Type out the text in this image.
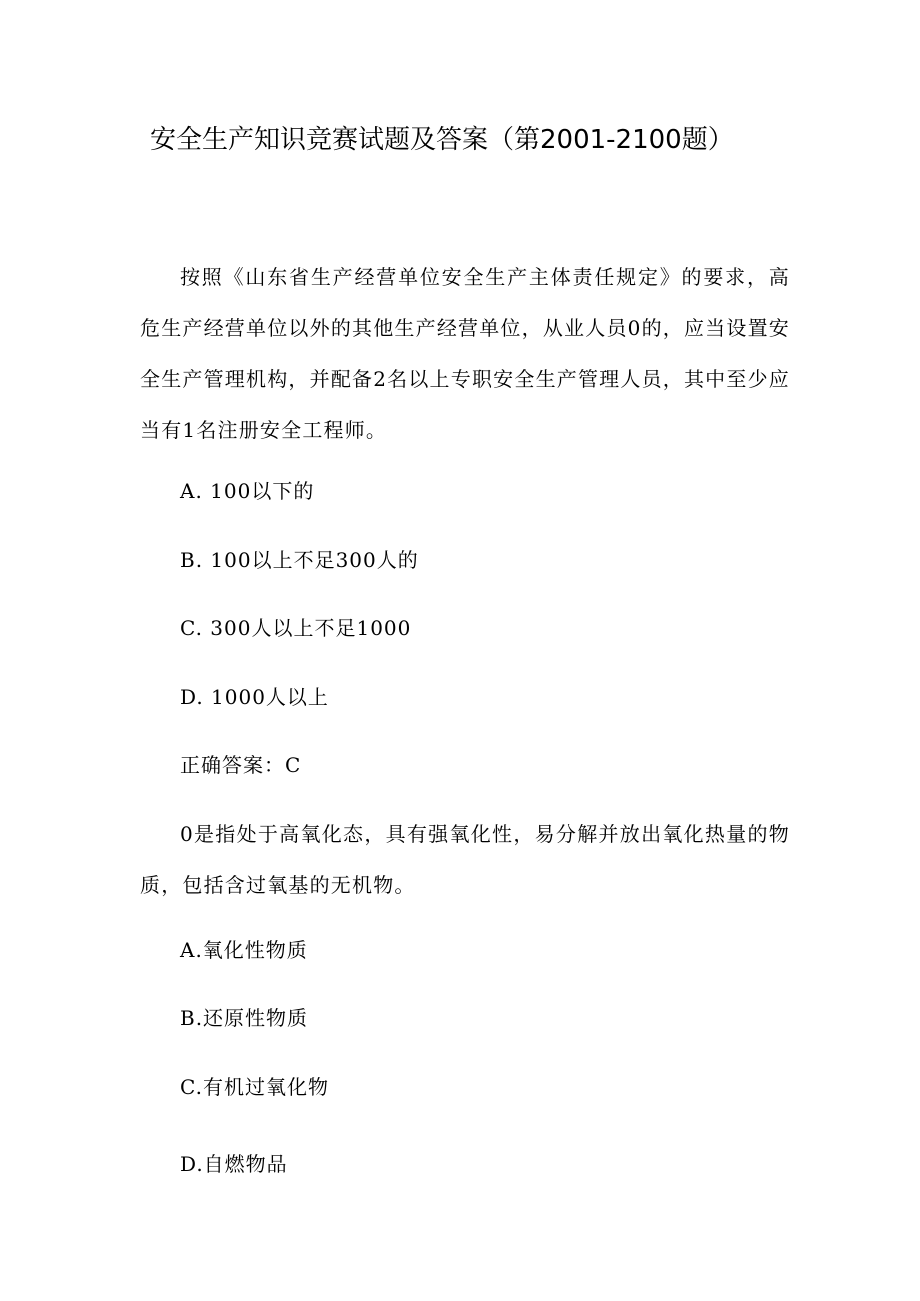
安全生产知识竞赛试题及答案（第2001-2100题）

按照《山东省生产经营单位安全生产主体责任规定》的要求，高危生产经营单位以外的其他生产经营单位，从业人员0的，应当设置安全生产管理机构，并配备2名以上专职安全生产管理人员，其中至少应当有1名注册安全工程师。

A. 100以下的

B. 100以上不足300人的

C. 300人以上不足1000

D. 1000人以上

正确答案：C

0是指处于高氧化态，具有强氧化性，易分解并放出氧化热量的物质，包括含过氧基的无机物。

A.氧化性物质

B.还原性物质

C.有机过氧化物

D.自燃物品
